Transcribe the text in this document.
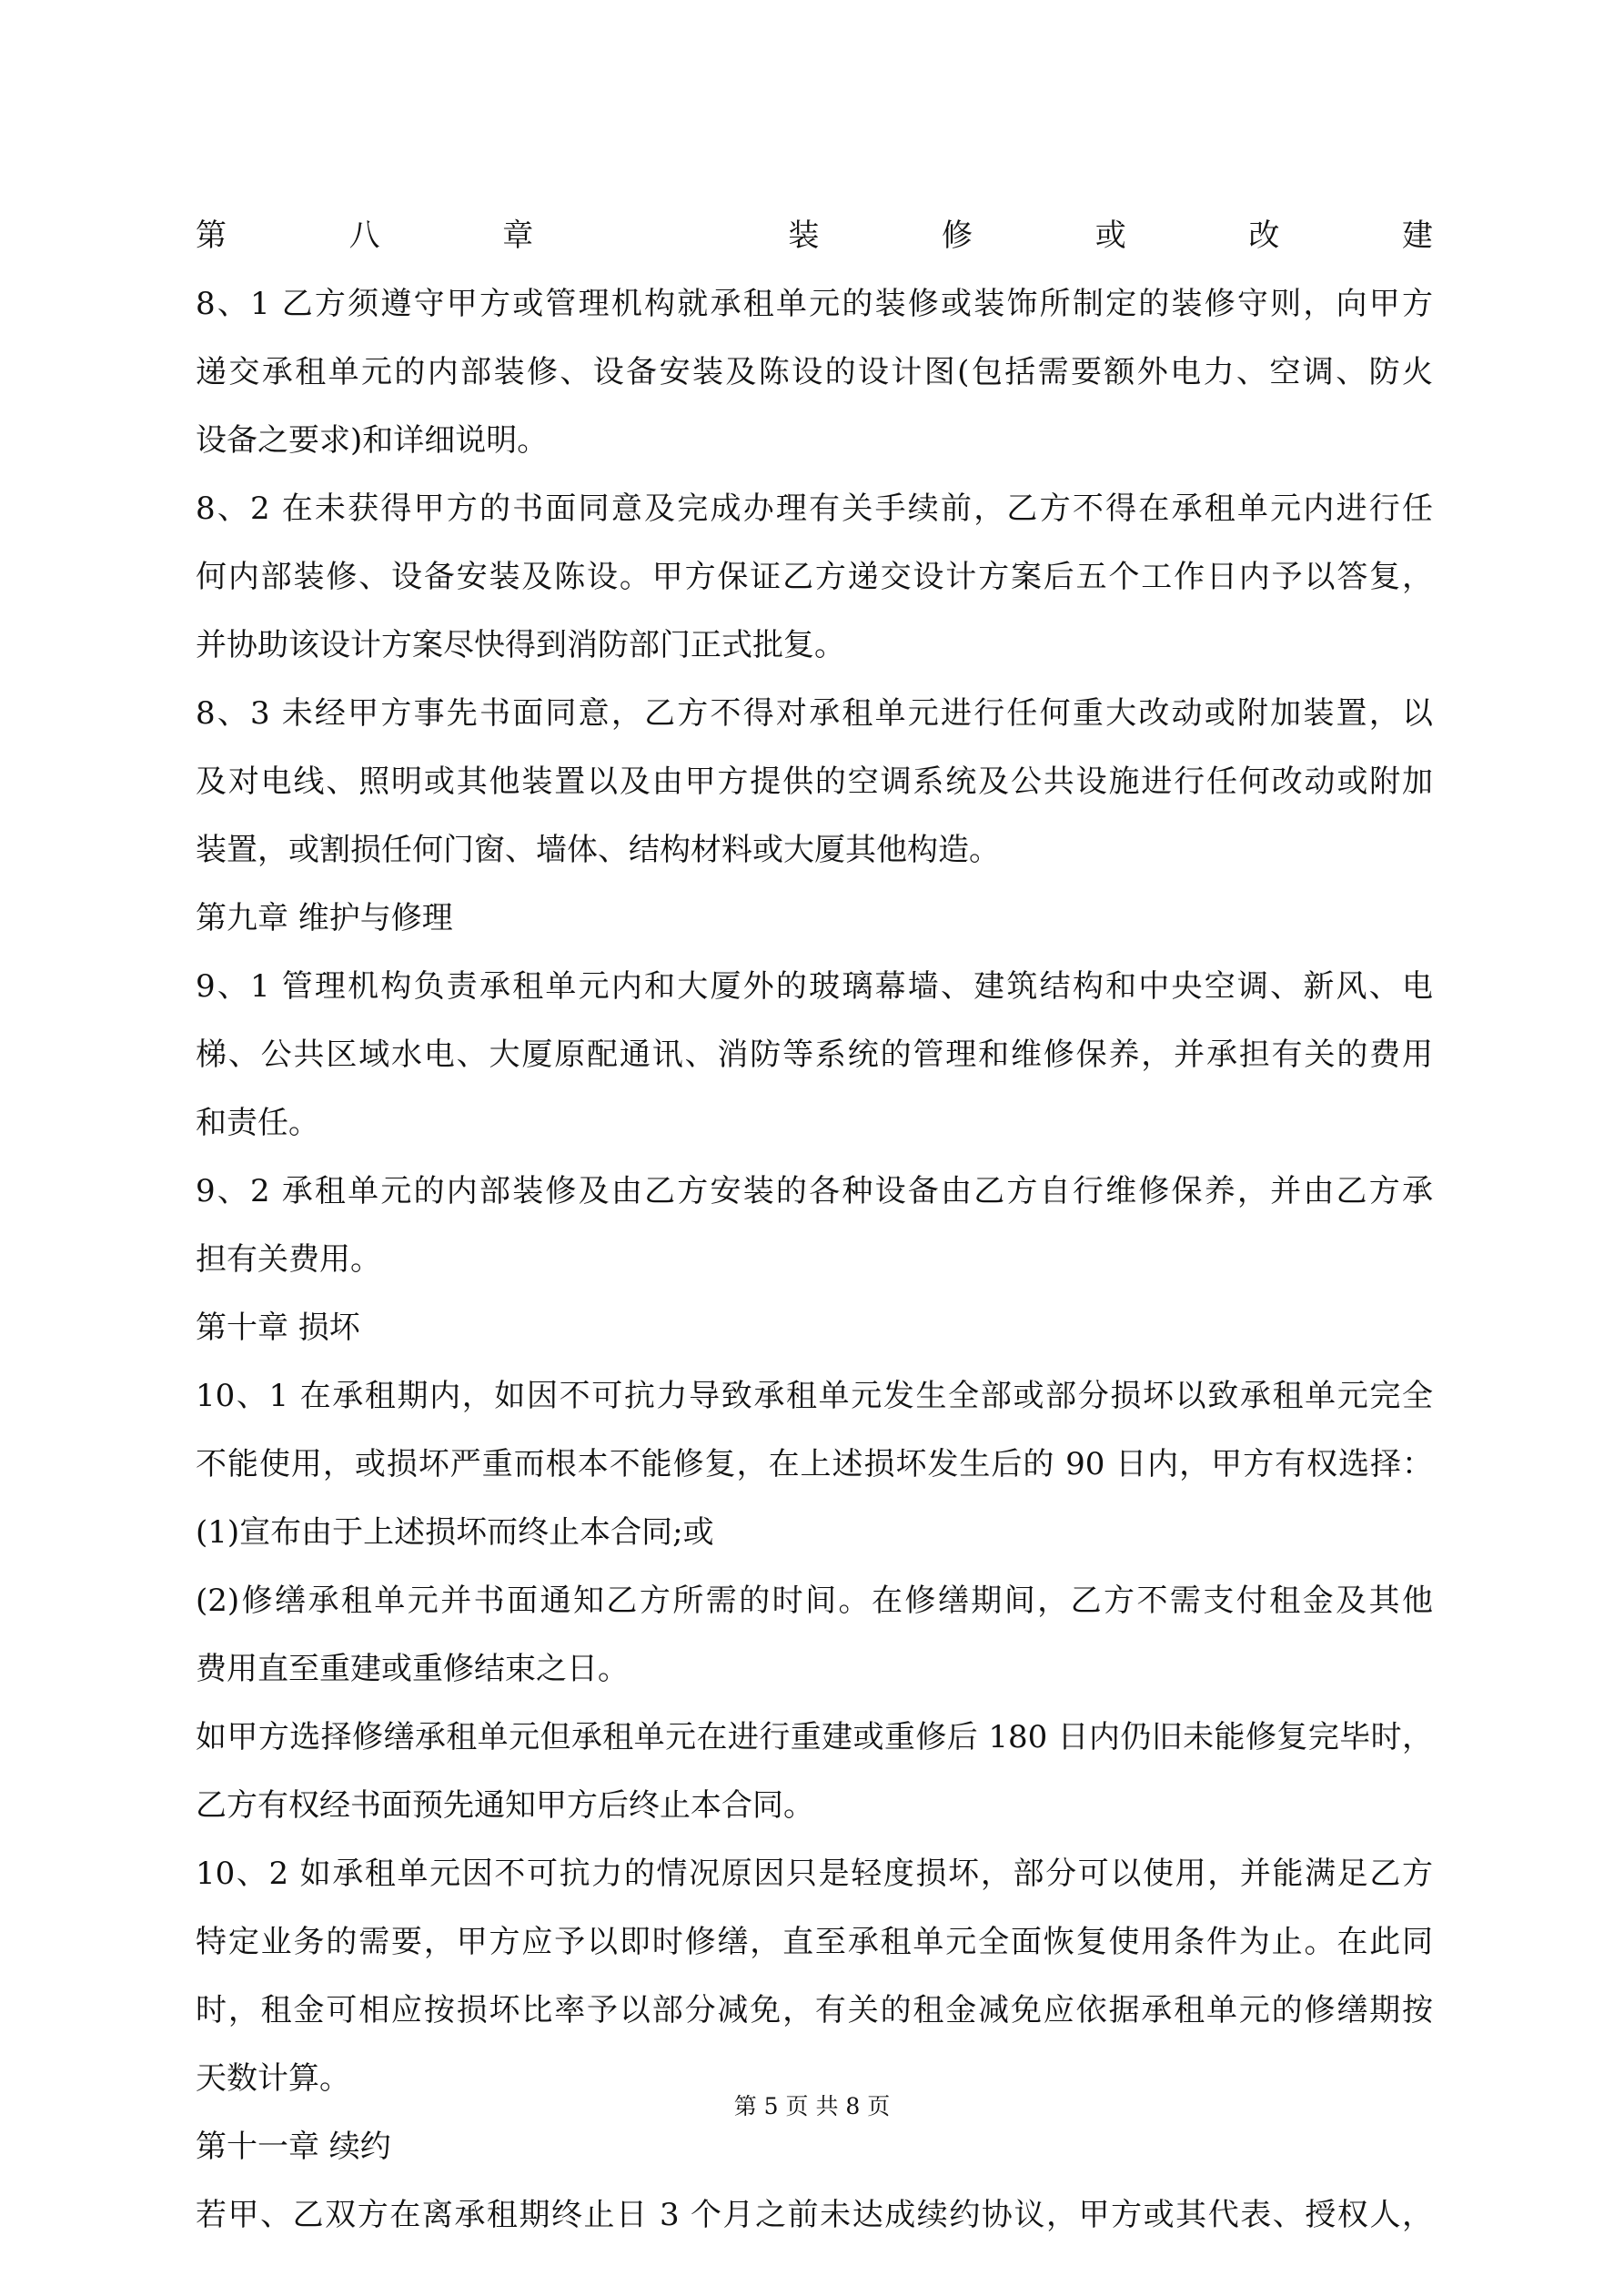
第八章 装修或改建
8、1 乙方须遵守甲方或管理机构就承租单元的装修或装饰所制定的装修守则，向甲方
递交承租单元的内部装修、设备安装及陈设的设计图(包括需要额外电力、空调、防火
设备之要求)和详细说明。
8、2 在未获得甲方的书面同意及完成办理有关手续前，乙方不得在承租单元内进行任
何内部装修、设备安装及陈设。甲方保证乙方递交设计方案后五个工作日内予以答复，
并协助该设计方案尽快得到消防部门正式批复。
8、3 未经甲方事先书面同意，乙方不得对承租单元进行任何重大改动或附加装置，以
及对电线、照明或其他装置以及由甲方提供的空调系统及公共设施进行任何改动或附加
装置，或割损任何门窗、墙体、结构材料或大厦其他构造。
第九章 维护与修理
9、1 管理机构负责承租单元内和大厦外的玻璃幕墙、建筑结构和中央空调、新风、电
梯、公共区域水电、大厦原配通讯、消防等系统的管理和维修保养，并承担有关的费用
和责任。
9、2 承租单元的内部装修及由乙方安装的各种设备由乙方自行维修保养，并由乙方承
担有关费用。
第十章 损坏
10、1 在承租期内，如因不可抗力导致承租单元发生全部或部分损坏以致承租单元完全
不能使用，或损坏严重而根本不能修复，在上述损坏发生后的 90 日内，甲方有权选择：
(1)宣布由于上述损坏而终止本合同;或
(2)修缮承租单元并书面通知乙方所需的时间。在修缮期间，乙方不需支付租金及其他
费用直至重建或重修结束之日。
如甲方选择修缮承租单元但承租单元在进行重建或重修后 180 日内仍旧未能修复完毕时，
乙方有权经书面预先通知甲方后终止本合同。
10、2 如承租单元因不可抗力的情况原因只是轻度损坏，部分可以使用，并能满足乙方
特定业务的需要，甲方应予以即时修缮，直至承租单元全面恢复使用条件为止。在此同
时，租金可相应按损坏比率予以部分减免，有关的租金减免应依据承租单元的修缮期按
天数计算。
第十一章 续约
若甲、乙双方在离承租期终止日 3 个月之前未达成续约协议，甲方或其代表、授权人，
第 5 页 共 8 页
